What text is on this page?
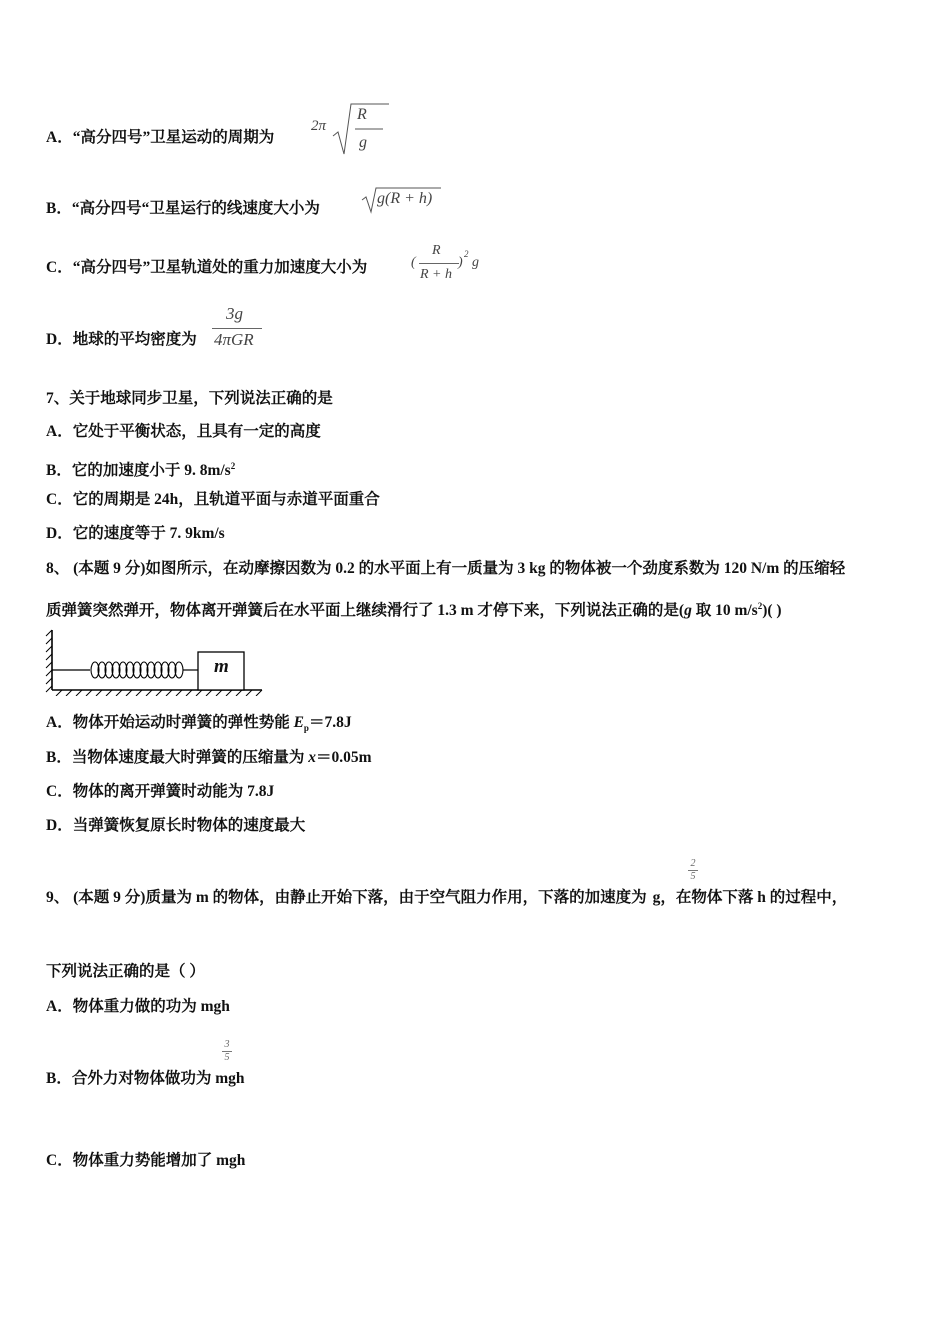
A．“高分四号”卫星运动的周期为
2π
R
g
B．“高分四号“卫星运行的线速度大小为
g(R + h)
C．“高分四号”卫星轨道处的重力加速度大小为	(
R
R + h
)
2
g
D．地球的平均密度为
3g
4πGR
7、关于地球同步卫星，下列说法正确的是
A．它处于平衡状态，且具有一定的高度
B．它的加速度小于 9. $8m/s^2$
C．它的周期是 24h，且轨道平面与赤道平面重合
D．它的速度等于 7. 9km/s
8、 (本题 9 分)如图所示，在动摩擦因数为 0.2 的水平面上有一质量为 3 kg 的物体被一个劲度系数为 120 N/m 的压缩轻
质弹簧突然弹开，物体离开弹簧后在水平面上继续滑行了 1.3 m 才停下来，下列说法正确的是(g 取 10 $m/s^2$)( )
m
A．物体开始运动时弹簧的弹性势能 $E_p=7.8J$
B．当物体速度最大时弹簧的压缩量为 x＝0.05m
C．物体的离开弹簧时动能为 7.8J
D．当弹簧恢复原长时物体的速度最大
9、 (本题 9 分)质量为 m 的物体，由静止开始下落，由于空气阻力作用，下落的加速度为 g，在物体下落 h 的过程中，
$\frac{2}{5}$
下列说法正确的是（ ）
A．物体重力做的功为 mgh
$\frac{3}{5}$
B．合外力对物体做功为 mgh
C．物体重力势能增加了 mgh
